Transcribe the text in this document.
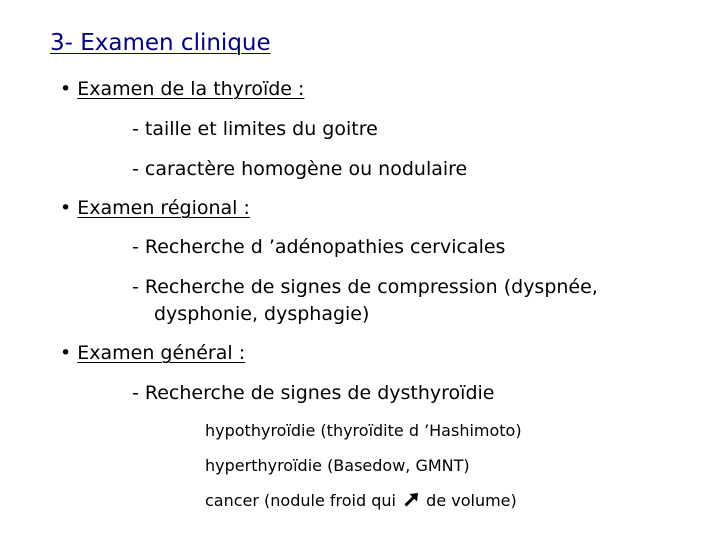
3- Examen clinique
• Examen de la thyroïde :
- taille et limites du goitre
- caractère homogène ou nodulaire
• Examen régional :
- Recherche d ’adénopathies cervicales
- Recherche de signes de compression (dyspnée,
dysphonie, dysphagie)
• Examen général :
- Recherche de signes de dysthyroïdie
hypothyroïdie (thyroïdite d ’Hashimoto)
hyperthyroïdie (Basedow, GMNT)
cancer (nodule froid qui de volume)
